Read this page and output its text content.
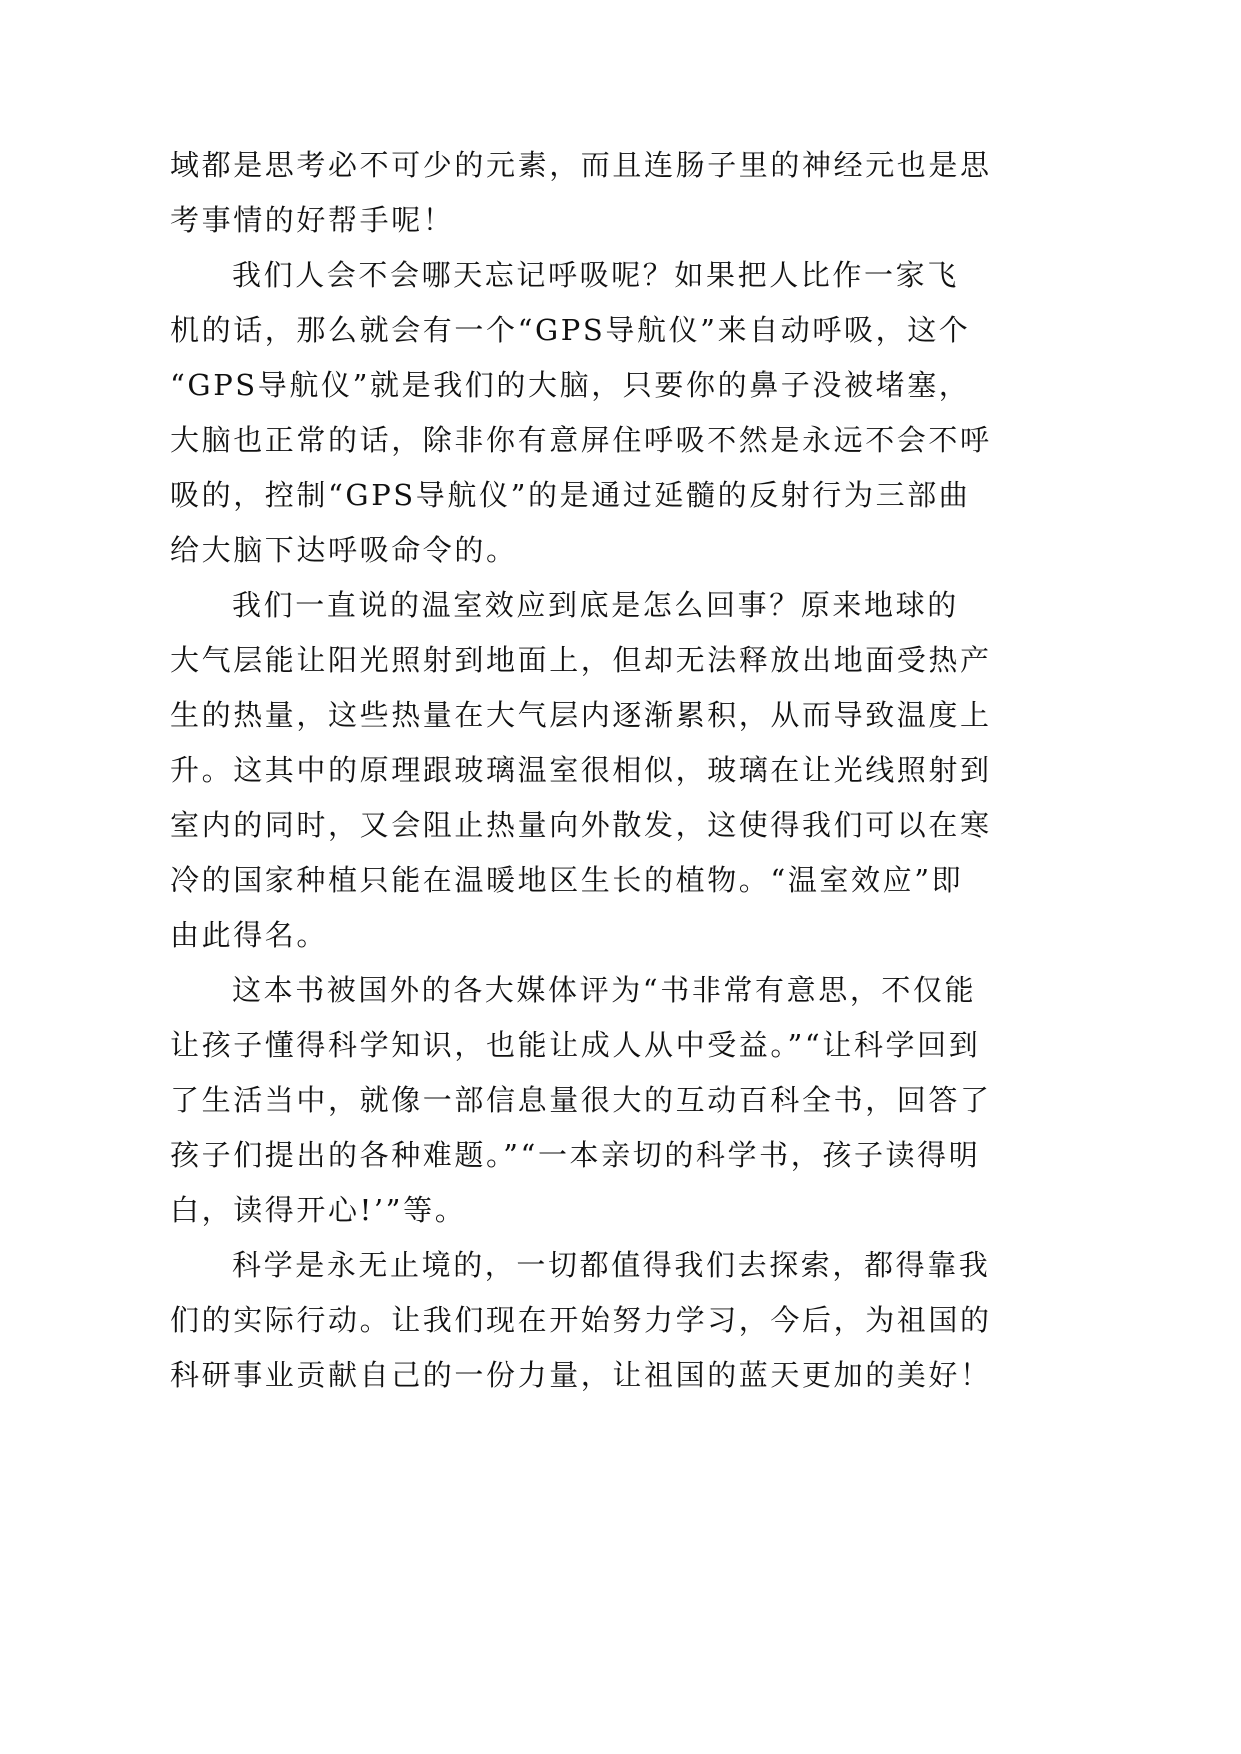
域都是思考必不可少的元素，而且连肠子里的神经元也是思
考事情的好帮手呢！
我们人会不会哪天忘记呼吸呢？如果把人比作一家飞
机的话，那么就会有一个“GPS导航仪”来自动呼吸，这个
“GPS导航仪”就是我们的大脑，只要你的鼻子没被堵塞，
大脑也正常的话，除非你有意屏住呼吸不然是永远不会不呼
吸的，控制“GPS导航仪”的是通过延髓的反射行为三部曲
给大脑下达呼吸命令的。
我们一直说的温室效应到底是怎么回事？原来地球的
大气层能让阳光照射到地面上，但却无法释放出地面受热产
生的热量，这些热量在大气层内逐渐累积，从而导致温度上
升。这其中的原理跟玻璃温室很相似，玻璃在让光线照射到
室内的同时，又会阻止热量向外散发，这使得我们可以在寒
冷的国家种植只能在温暖地区生长的植物。“温室效应”即
由此得名。
这本书被国外的各大媒体评为“书非常有意思，不仅能
让孩子懂得科学知识，也能让成人从中受益。”“让科学回到
了生活当中，就像一部信息量很大的互动百科全书，回答了
孩子们提出的各种难题。”“一本亲切的科学书，孩子读得明
白，读得开心!’”等。
科学是永无止境的，一切都值得我们去探索，都得靠我
们的实际行动。让我们现在开始努力学习，今后，为祖国的
科研事业贡献自己的一份力量，让祖国的蓝天更加的美好！
